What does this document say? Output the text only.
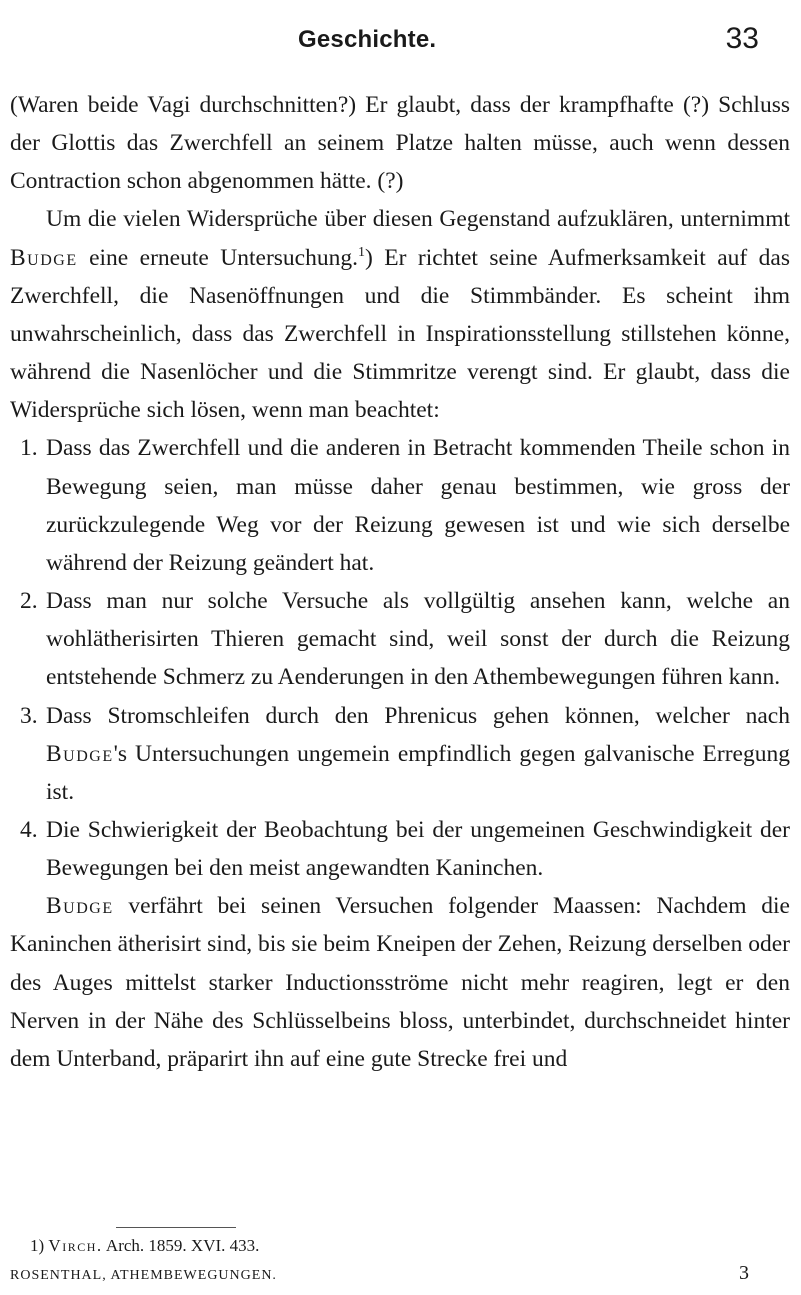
Geschichte.	33

(Waren beide Vagi durchschnitten?) Er glaubt, dass der krampfhafte (?) Schluss der Glottis das Zwerchfell an seinem Platze halten müsse, auch wenn dessen Contraction schon abgenommen hätte. (?)

Um die vielen Widersprüche über diesen Gegenstand aufzuklären, unternimmt Budge eine erneute Untersuchung.$^1$) Er richtet seine Aufmerksamkeit auf das Zwerchfell, die Nasenöffnungen und die Stimmbänder. Es scheint ihm unwahrscheinlich, dass das Zwerchfell in Inspirationsstellung stillstehen könne, während die Nasenlöcher und die Stimmritze verengt sind. Er glaubt, dass die Widersprüche sich lösen, wenn man beachtet:

1. Dass das Zwerchfell und die anderen in Betracht kommenden Theile schon in Bewegung seien, man müsse daher genau bestimmen, wie gross der zurückzulegende Weg vor der Reizung gewesen ist und wie sich derselbe während der Reizung geändert hat.

2. Dass man nur solche Versuche als vollgültig ansehen kann, welche an wohlätherisirten Thieren gemacht sind, weil sonst der durch die Reizung entstehende Schmerz zu Aenderungen in den Athembewegungen führen kann.

3. Dass Stromschleifen durch den Phrenicus gehen können, welcher nach Budge's Untersuchungen ungemein empfindlich gegen galvanische Erregung ist.

4. Die Schwierigkeit der Beobachtung bei der ungemeinen Geschwindigkeit der Bewegungen bei den meist angewandten Kaninchen.

Budge verfährt bei seinen Versuchen folgender Maassen: Nachdem die Kaninchen ätherisirt sind, bis sie beim Kneipen der Zehen, Reizung derselben oder des Auges mittelst starker Inductionsströme nicht mehr reagiren, legt er den Nerven in der Nähe des Schlüsselbeins bloss, unterbindet, durchschneidet hinter dem Unterband, präparirt ihn auf eine gute Strecke frei und

1) Virch. Arch. 1859. XVI. 433.
ROSENTHAL, ATHEMBEWEGUNGEN.	3
